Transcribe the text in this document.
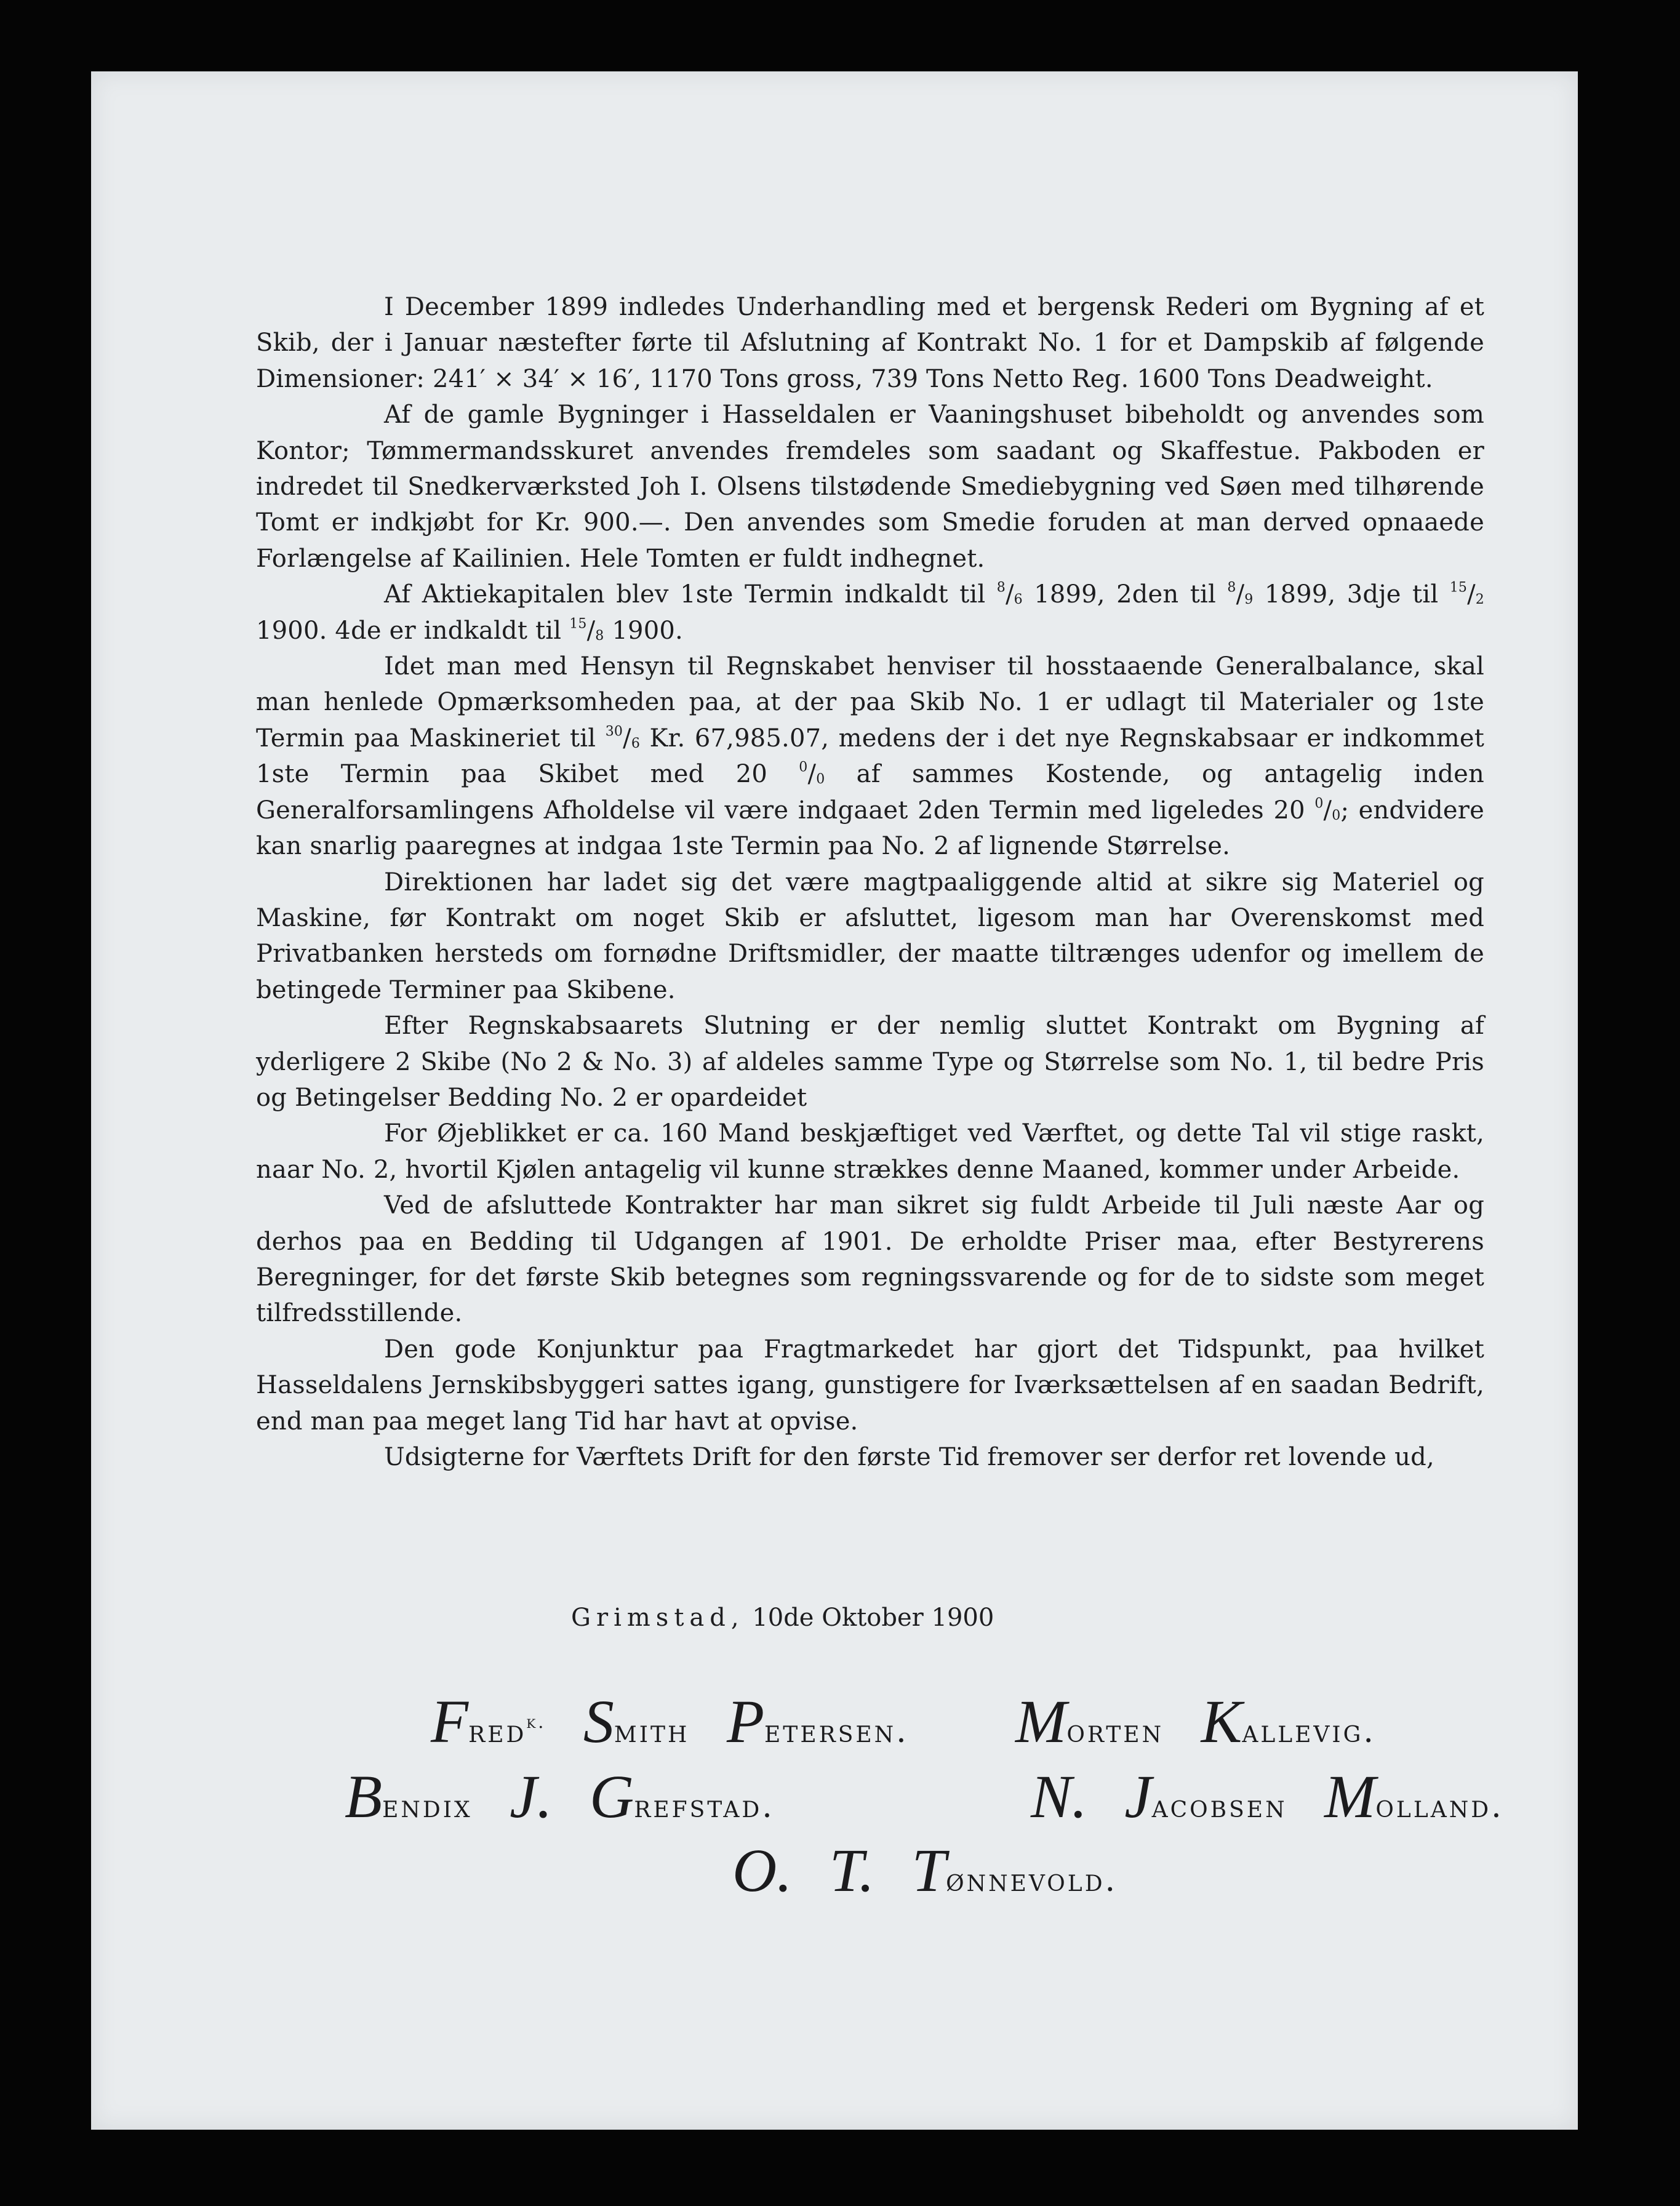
I December 1899 indledes Underhandling med et bergensk Rederi om Bygning af et Skib, der i Januar næstefter førte til Afslutning af Kontrakt No. 1 for et Dampskib af følgende Dimensioner: 241′ × 34′ × 16′, 1170 Tons gross, 739 Tons Netto Reg. 1600 Tons Deadweight.

Af de gamle Bygninger i Hasseldalen er Vaaningshuset bibeholdt og anvendes som Kontor; Tømmermandsskuret anvendes fremdeles som saadant og Skaffestue. Pakboden er indredet til Snedkerværksted Joh I. Olsens tilstødende Smediebygning ved Søen med tilhørende Tomt er indkjøbt for Kr. 900.—. Den anvendes som Smedie foruden at man derved opnaaede Forlængelse af Kailinien. Hele Tomten er fuldt indhegnet.

Af Aktiekapitalen blev 1ste Termin indkaldt til $^8/_6$ 1899, 2den til $^8/_9$ 1899, 3dje til $^{15}/_2$ 1900. 4de er indkaldt til $^{15}/_8$ 1900.

Idet man med Hensyn til Regnskabet henviser til hosstaaende Generalbalance, skal man henlede Opmærksomheden paa, at der paa Skib No. 1 er udlagt til Materialer og 1ste Termin paa Maskineriet til $^{30}/_6$ Kr. 67,985.07, medens der i det nye Regnskabsaar er indkommet 1ste Termin paa Skibet med 20 $^0/_0$ af sammes Kostende, og antagelig inden Generalforsamlingens Afholdelse vil være indgaaet 2den Termin med ligeledes 20 $^0/_0$; endvidere kan snarlig paaregnes at indgaa 1ste Termin paa No. 2 af lignende Størrelse.

Direktionen har ladet sig det være magtpaaliggende altid at sikre sig Materiel og Maskine, før Kontrakt om noget Skib er afsluttet, ligesom man har Overenskomst med Privatbanken hersteds om fornødne Driftsmidler, der maatte tiltrænges udenfor og imellem de betingede Terminer paa Skibene.

Efter Regnskabsaarets Slutning er der nemlig sluttet Kontrakt om Bygning af yderligere 2 Skibe (No 2 & No. 3) af aldeles samme Type og Størrelse som No. 1, til bedre Pris og Betingelser Bedding No. 2 er opardeidet

For Øjeblikket er ca. 160 Mand beskjæftiget ved Værftet, og dette Tal vil stige raskt, naar No. 2, hvortil Kjølen antagelig vil kunne strækkes denne Maaned, kommer under Arbeide.

Ved de afsluttede Kontrakter har man sikret sig fuldt Arbeide til Juli næste Aar og derhos paa en Bedding til Udgangen af 1901. De erholdte Priser maa, efter Bestyrerens Beregninger, for det første Skib betegnes som regningssvarende og for de to sidste som meget tilfredsstillende.

Den gode Konjunktur paa Fragtmarkedet har gjort det Tidspunkt, paa hvilket Hasseldalens Jernskibsbyggeri sattes igang, gunstigere for Iværksættelsen af en saadan Bedrift, end man paa meget lang Tid har havt at opvise.

Udsigterne for Værftets Drift for den første Tid fremover ser derfor ret lovende ud,

Grimstad, 10de Oktober 1900
Fred$^{k.}$ Smith Petersen. Morten Kallevig.
Bendix J. Grefstad.	N. Jacobsen Molland.
O. T. Tønnevold.
